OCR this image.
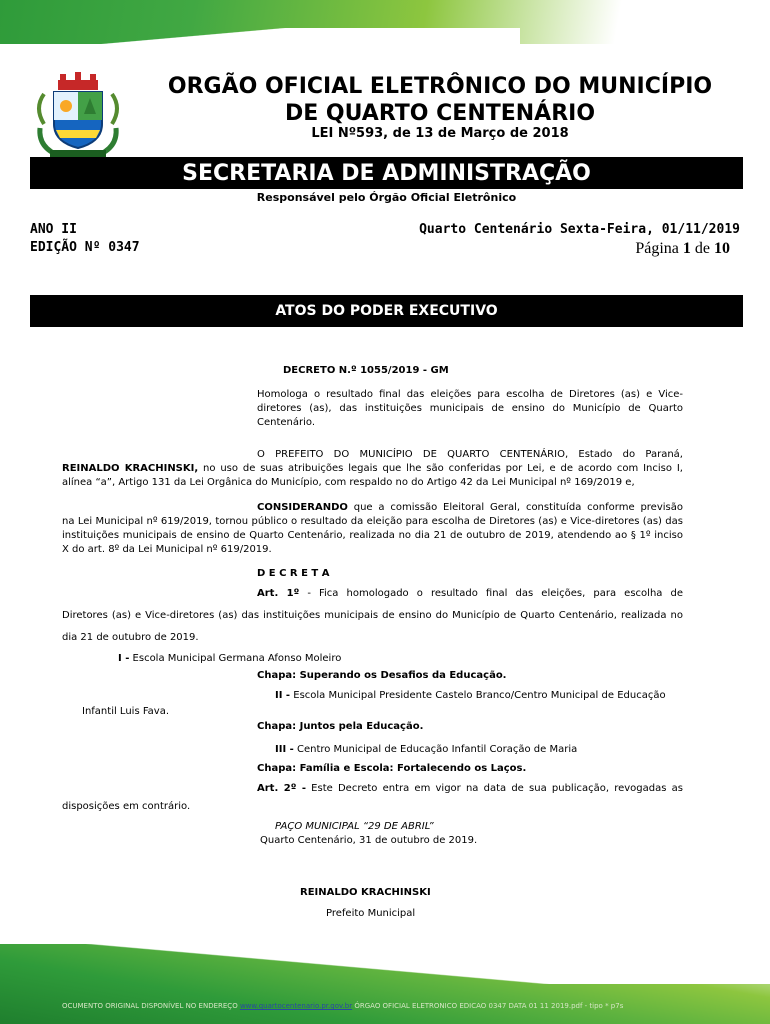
ORGÃO OFICIAL ELETRÔNICO DO MUNICÍPIO
DE QUARTO CENTENÁRIO
LEI Nº593, de 13 de Março de 2018
SECRETARIA DE ADMINISTRAÇÃO
Responsável pelo Órgão Oficial Eletrônico
ANO II
EDIÇÃO Nº 0347
Quarto Centenário Sexta-Feira, 01/11/2019
Página 1 de 10
ATOS DO PODER EXECUTIVO
DECRETO N.º 1055/2019 - GM
Homologa o resultado final das eleições para escolha de Diretores (as) e Vice-diretores (as), das instituições municipais de ensino do Município de Quarto Centenário.
O PREFEITO DO MUNICÍPIO DE QUARTO CENTENÁRIO, Estado do Paraná,
REINALDO KRACHINSKI, no uso de suas atribuições legais que lhe são conferidas por Lei, e de acordo com Inciso I, alínea “a”, Artigo 131 da Lei Orgânica do Município, com respaldo no do Artigo 42 da Lei Municipal nº 169/2019 e,
CONSIDERANDO que a comissão Eleitoral Geral, constituída conforme previsão
na Lei Municipal nº 619/2019, tornou público o resultado da eleição para escolha de Diretores (as) e Vice-diretores (as) das instituições municipais de ensino de Quarto Centenário, realizada no dia 21 de outubro de 2019, atendendo ao § 1º inciso X do art. 8º da Lei Municipal nº 619/2019.
D E C R E T A
Art. 1º - Fica homologado o resultado final das eleições, para escolha de
Diretores (as) e Vice-diretores (as) das instituições municipais de ensino do Município de Quarto Centenário, realizada no dia 21 de outubro de 2019.
I - Escola Municipal Germana Afonso Moleiro
Chapa: Superando os Desafios da Educação.
II - Escola Municipal Presidente Castelo Branco/Centro Municipal de Educação
Infantil Luis Fava.
Chapa: Juntos pela Educação.
III - Centro Municipal de Educação Infantil Coração de Maria
Chapa: Família e Escola: Fortalecendo os Laços.
Art. 2º - Este Decreto entra em vigor na data de sua publicação, revogadas as
disposições em contrário.
PAÇO MUNICIPAL “29 DE ABRIL”
Quarto Centenário, 31 de outubro de 2019.
REINALDO KRACHINSKI
Prefeito Municipal
OCUMENTO ORIGINAL DISPONÍVEL NO ENDEREÇO www.quartocentenario.pr.gov.br ÓRGAO OFICIAL ELETRONICO EDICAO 0347 DATA 01 11 2019.pdf - tipo * p7s
